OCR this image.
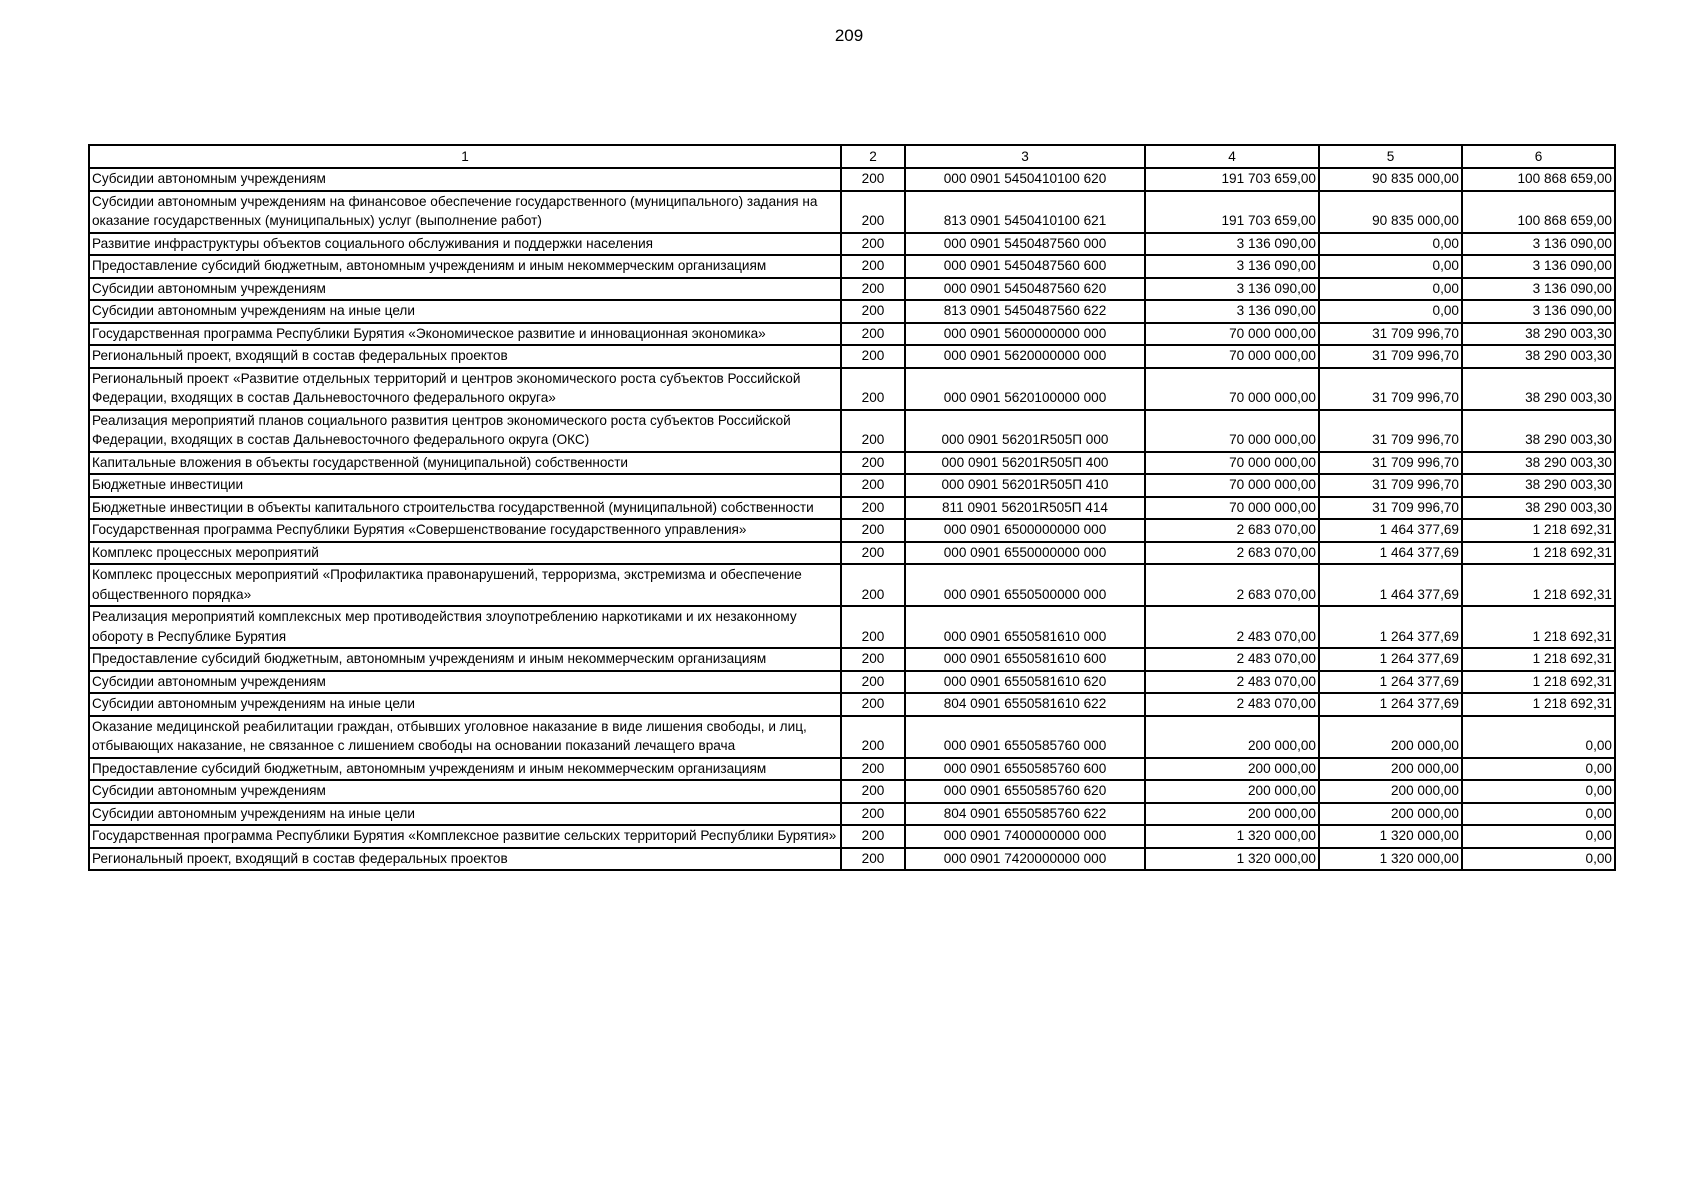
209
1	2	3	4	5	6
Субсидии автономным учреждениям	200	000 0901 5450410100 620	191 703 659,00	90 835 000,00	100 868 659,00
Субсидии автономным учреждениям на финансовое обеспечение государственного (муниципального) задания на оказание государственных (муниципальных) услуг (выполнение работ)	200	813 0901 5450410100 621	191 703 659,00	90 835 000,00	100 868 659,00
Развитие инфраструктуры объектов социального обслуживания и поддержки населения	200	000 0901 5450487560 000	3 136 090,00	0,00	3 136 090,00
Предоставление субсидий бюджетным, автономным учреждениям и иным некоммерческим организациям	200	000 0901 5450487560 600	3 136 090,00	0,00	3 136 090,00
Субсидии автономным учреждениям	200	000 0901 5450487560 620	3 136 090,00	0,00	3 136 090,00
Субсидии автономным учреждениям на иные цели	200	813 0901 5450487560 622	3 136 090,00	0,00	3 136 090,00
Государственная программа Республики Бурятия «Экономическое развитие и инновационная экономика»	200	000 0901 5600000000 000	70 000 000,00	31 709 996,70	38 290 003,30
Региональный проект, входящий в состав федеральных проектов	200	000 0901 5620000000 000	70 000 000,00	31 709 996,70	38 290 003,30
Региональный проект «Развитие отдельных территорий и центров экономического роста субъектов Российской Федерации, входящих в состав Дальневосточного федерального округа»	200	000 0901 5620100000 000	70 000 000,00	31 709 996,70	38 290 003,30
Реализация мероприятий планов социального развития центров экономического роста субъектов Российской Федерации, входящих в состав Дальневосточного федерального округа (ОКС)	200	000 0901 56201R505П 000	70 000 000,00	31 709 996,70	38 290 003,30
Капитальные вложения в объекты государственной (муниципальной) собственности	200	000 0901 56201R505П 400	70 000 000,00	31 709 996,70	38 290 003,30
Бюджетные инвестиции	200	000 0901 56201R505П 410	70 000 000,00	31 709 996,70	38 290 003,30
Бюджетные инвестиции в объекты капитального строительства государственной (муниципальной) собственности	200	811 0901 56201R505П 414	70 000 000,00	31 709 996,70	38 290 003,30
Государственная программа Республики Бурятия «Совершенствование государственного управления»	200	000 0901 6500000000 000	2 683 070,00	1 464 377,69	1 218 692,31
Комплекс процессных мероприятий	200	000 0901 6550000000 000	2 683 070,00	1 464 377,69	1 218 692,31
Комплекс процессных мероприятий «Профилактика правонарушений, терроризма, экстремизма и обеспечение общественного порядка»	200	000 0901 6550500000 000	2 683 070,00	1 464 377,69	1 218 692,31
Реализация мероприятий комплексных мер противодействия злоупотреблению наркотиками и их незаконному обороту в Республике Бурятия	200	000 0901 6550581610 000	2 483 070,00	1 264 377,69	1 218 692,31
Предоставление субсидий бюджетным, автономным учреждениям и иным некоммерческим организациям	200	000 0901 6550581610 600	2 483 070,00	1 264 377,69	1 218 692,31
Субсидии автономным учреждениям	200	000 0901 6550581610 620	2 483 070,00	1 264 377,69	1 218 692,31
Субсидии автономным учреждениям на иные цели	200	804 0901 6550581610 622	2 483 070,00	1 264 377,69	1 218 692,31
Оказание медицинской реабилитации граждан, отбывших уголовное наказание в виде лишения свободы, и лиц, отбывающих наказание, не связанное с лишением свободы на основании показаний лечащего врача	200	000 0901 6550585760 000	200 000,00	200 000,00	0,00
Предоставление субсидий бюджетным, автономным учреждениям и иным некоммерческим организациям	200	000 0901 6550585760 600	200 000,00	200 000,00	0,00
Субсидии автономным учреждениям	200	000 0901 6550585760 620	200 000,00	200 000,00	0,00
Субсидии автономным учреждениям на иные цели	200	804 0901 6550585760 622	200 000,00	200 000,00	0,00
Государственная программа Республики Бурятия «Комплексное развитие сельских территорий Республики Бурятия»	200	000 0901 7400000000 000	1 320 000,00	1 320 000,00	0,00
Региональный проект, входящий в состав федеральных проектов	200	000 0901 7420000000 000	1 320 000,00	1 320 000,00	0,00
